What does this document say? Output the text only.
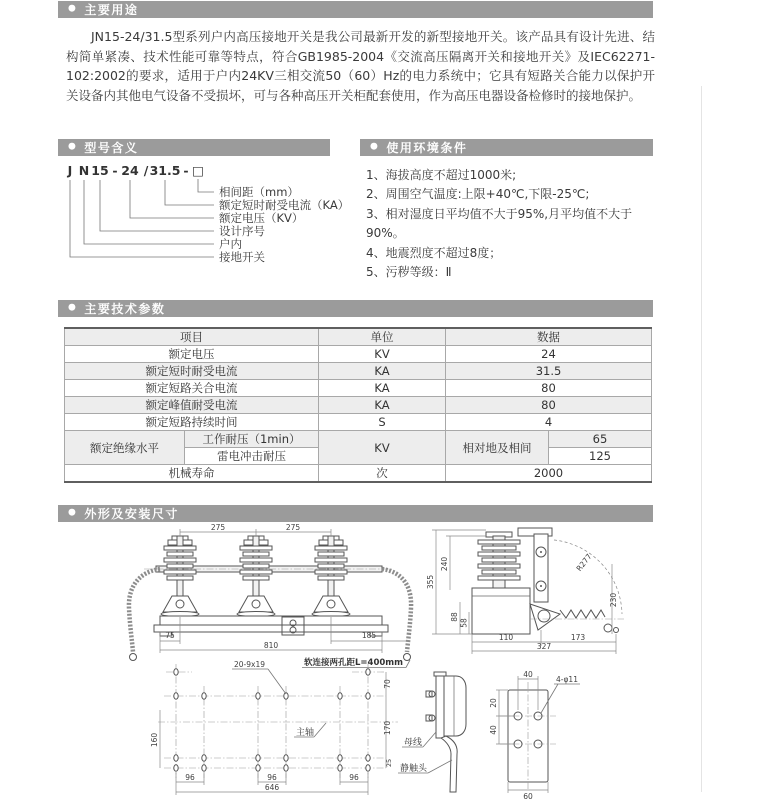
● 主要用途
JN15-24/31.5型系列户内高压接地开关是我公司最新开发的新型接地开关。该产品具有设计先进、结构简单紧凑、技术性能可靠等特点，符合GB1985-2004《交流高压隔离开关和接地开关》及IEC62271-102:2002的要求，适用于户内24KV三相交流50（60）Hz的电力系统中；它具有短路关合能力以保护开关设备内其他电气设备不受损坏，可与各种高压开关柜配套使用，作为高压电器设备检修时的接地保护。
● 型号含义
J N 15 - 24 / 31.5 - □
相间距（mm）
额定短时耐受电流（KA）
额定电压（KV）
设计序号
户内
接地开关
● 使用环境条件
1、海拔高度不超过1000米;
2、周围空气温度:上限+40℃,下限-25℃;
3、相对湿度日平均值不大于95%,月平均值不大于90%。
4、地震烈度不超过8度；
5、污秽等级：Ⅱ
● 主要技术参数
项目		单位	数据	
额定电压		KV	24	
额定短时耐受电流		KA	31.5	
额定短路关合电流		KA	80	
额定峰值耐受电流		KA	80	
额定短路持续时间		S	4	
额定绝缘水平	工作耐压（1min）	KV	相对地及相间	65
	雷电冲击耐压			125
机械寿命		次	2000	
● 外形及安装尺寸
275	275
75	185
810
软连接两孔距L=400mm
R277
355
240
88
58
230
110	173
327
20-9x19
主轴
160
70
170
25
96	96	96
646
母线
静触头
40
20
40
60
4-φ11
